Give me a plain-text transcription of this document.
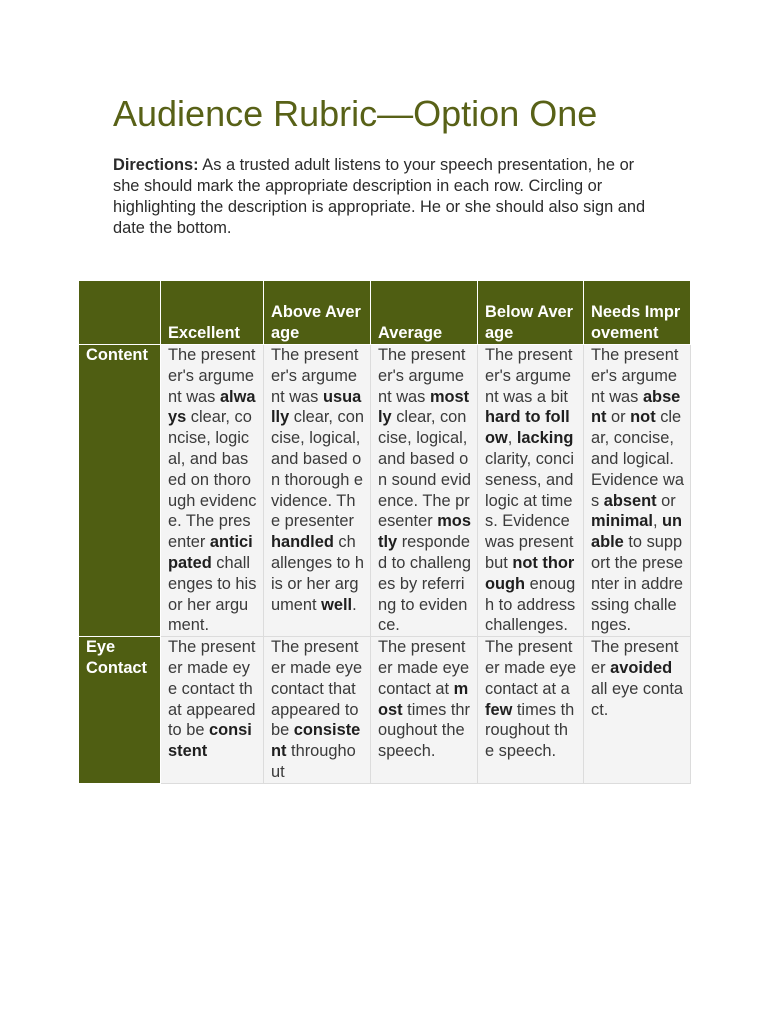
Audience Rubric—Option One

Directions: As a trusted adult listens to your speech presentation, he or she should mark the appropriate description in each row. Circling or highlighting the description is appropriate. He or she should also sign and date the bottom.

	Excellent	Above Average	Average	Below Average	Needs Improvement
Content	The presenter's argument was always clear, concise, logical, and based on thorough evidence. The presenter anticipated challenges to his or her argument.	The presenter's argument was usually clear, concise, logical, and based on thorough evidence. The presenter handled challenges to his or her argument well.	The presenter's argument was mostly clear, concise, logical, and based on sound evidence. The presenter mostly responded to challenges by referring to evidence.	The presenter's argument was a bit hard to follow, lacking clarity, conciseness, and logic at times. Evidence was present but not thorough enough to address challenges.	The presenter's argument was absent or not clear, concise, and logical. Evidence was absent or minimal, unable to support the presenter in addressing challenges.
Eye Contact	The presenter made eye contact that appeared to be consistent	The presenter made eye contact that appeared to be consistent throughout	The presenter made eye contact at most times throughout the speech.	The presenter made eye contact at a few times throughout the speech.	The presenter avoided all eye contact.
